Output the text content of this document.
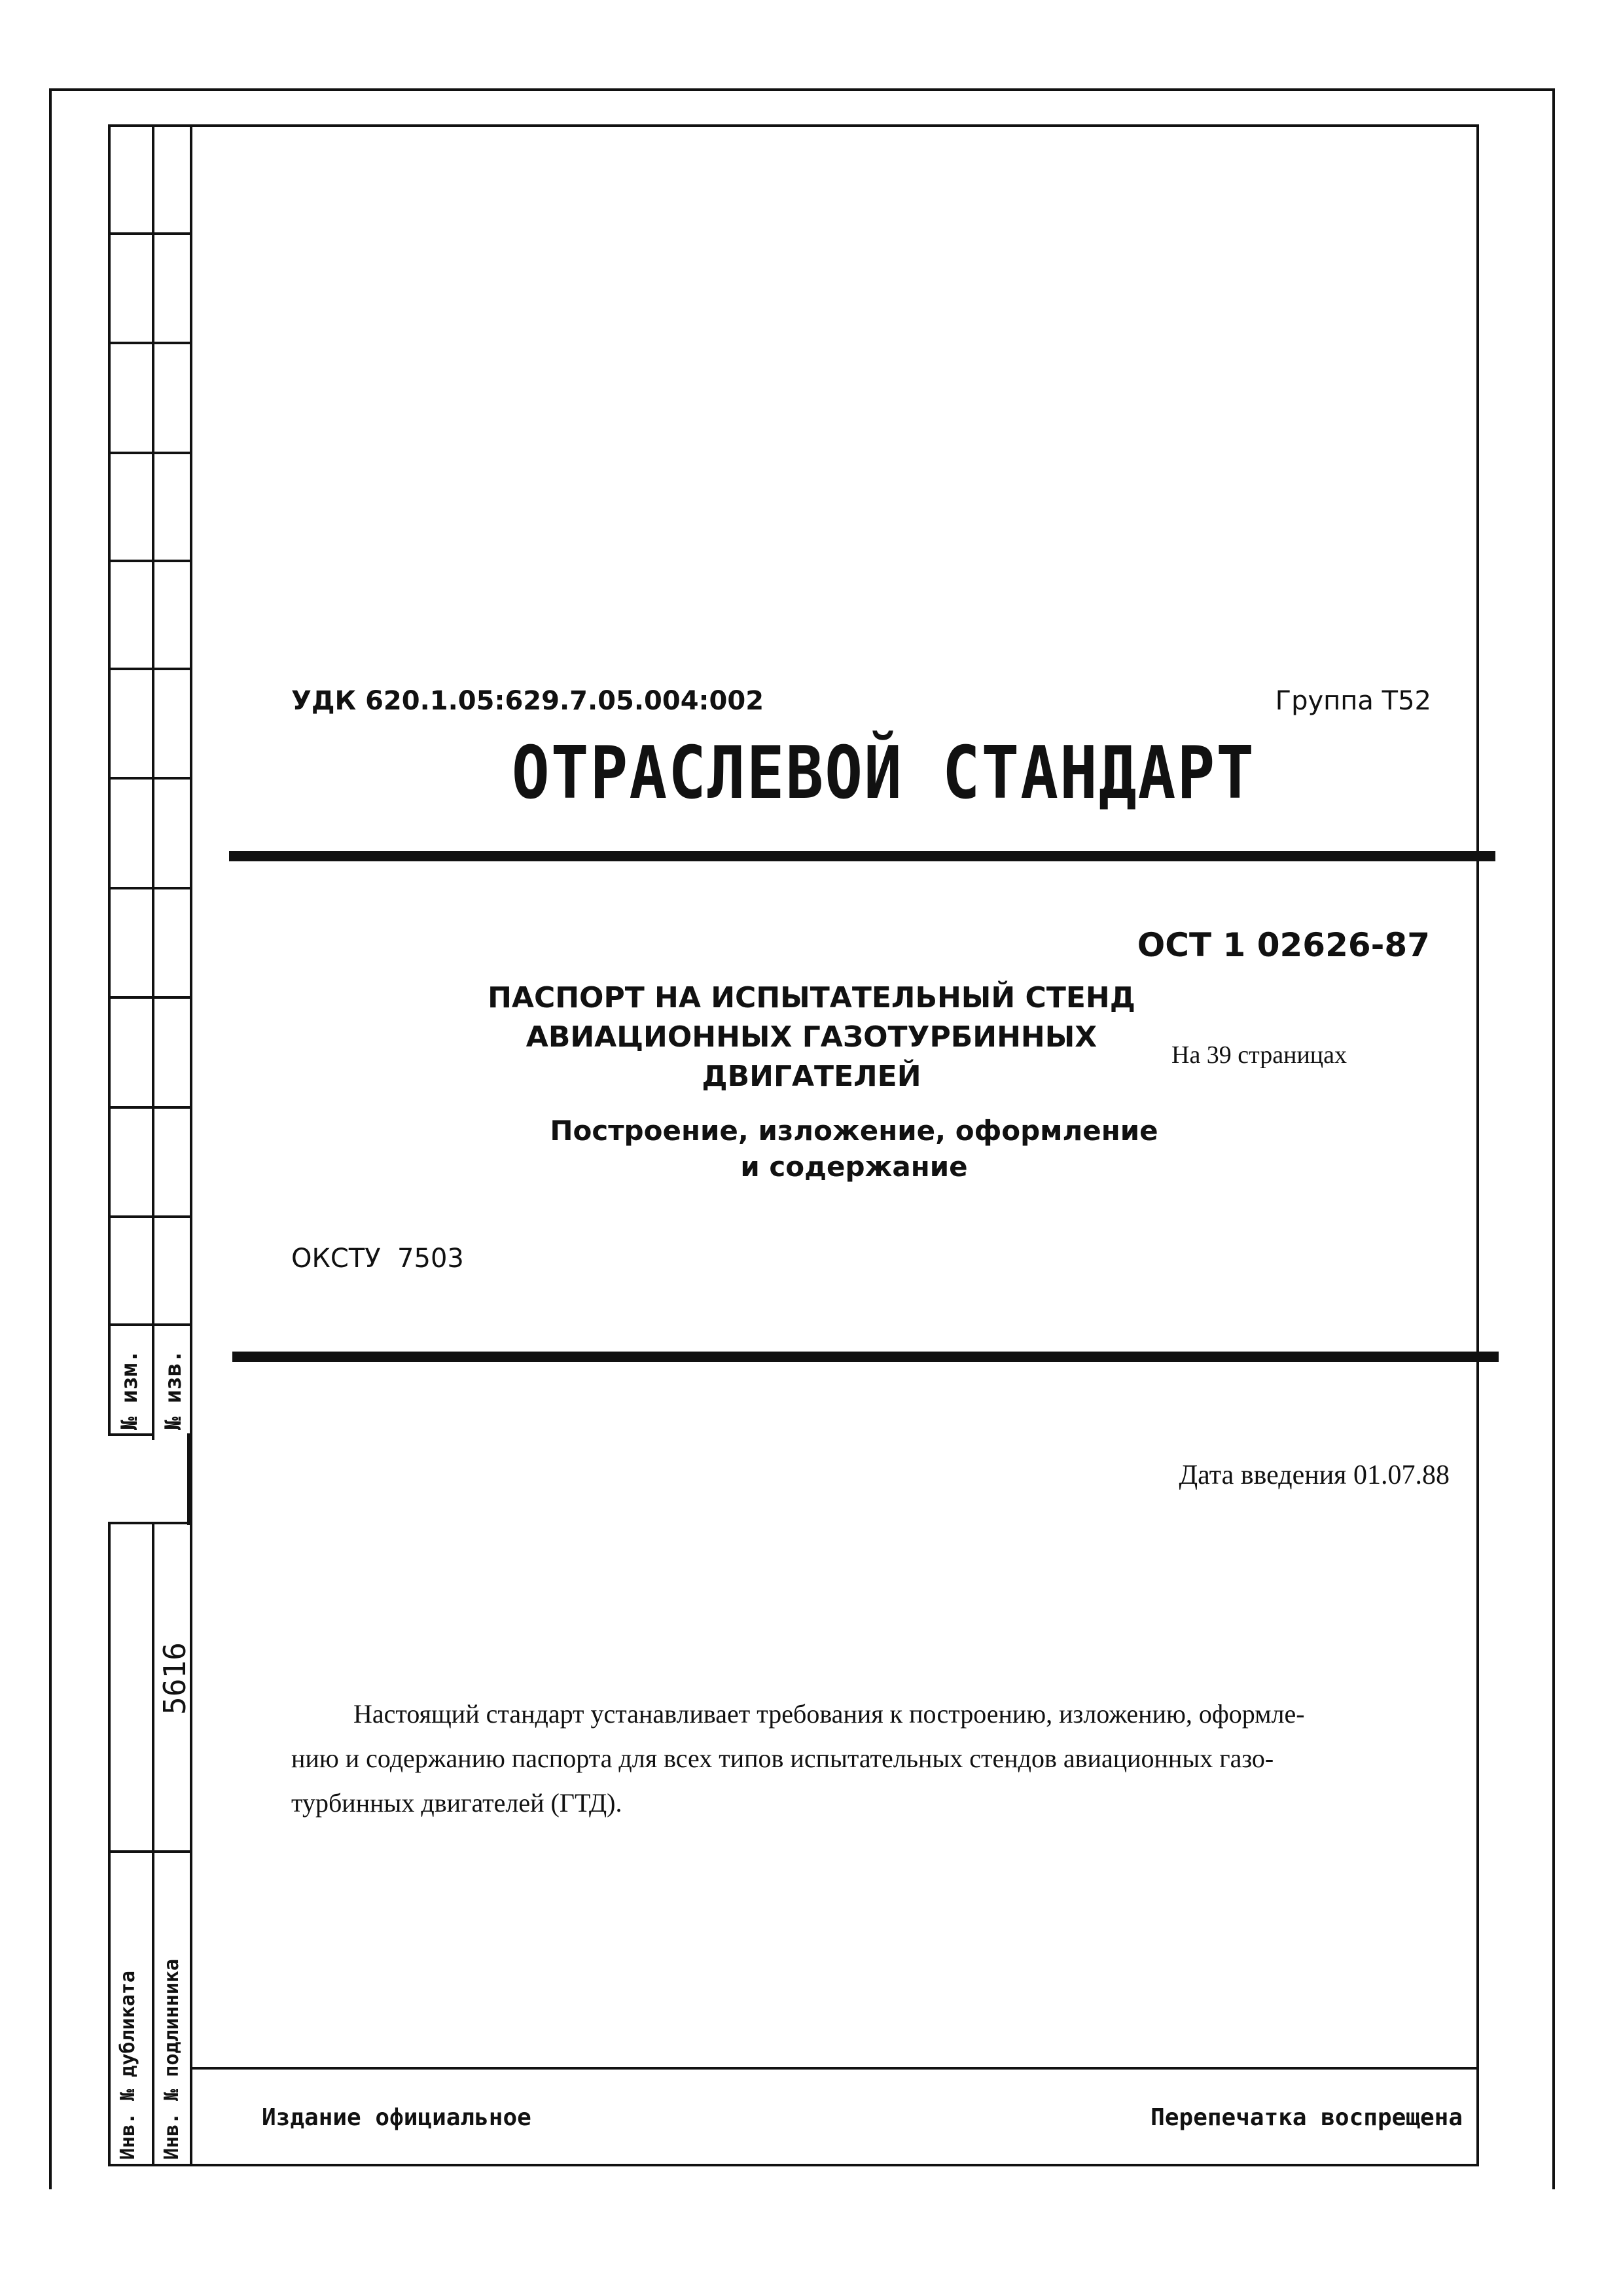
№ изм. № изв.
5616
Инв. № дубликата Инв. № подлинника
УДК 620.1.05:629.7.05.004:002	Группа Т52
ОТРАСЛЕВОЙ СТАНДАРТ
ОСТ 1 02626-87
ПАСПОРТ НА ИСПЫТАТЕЛЬНЫЙ СТЕНД
АВИАЦИОННЫХ ГАЗОТУРБИННЫХ
ДВИГАТЕЛЕЙ
На 39 страницах
Построение, изложение, оформление
и содержание
ОКСТУ  7503
Дата введения 01.07.88
Настоящий стандарт устанавливает требования к построению, изложению, оформле-
нию и содержанию паспорта для всех типов испытательных стендов авиационных газо-
турбинных двигателей (ГТД).
Издание официальное	Перепечатка воспрещена
